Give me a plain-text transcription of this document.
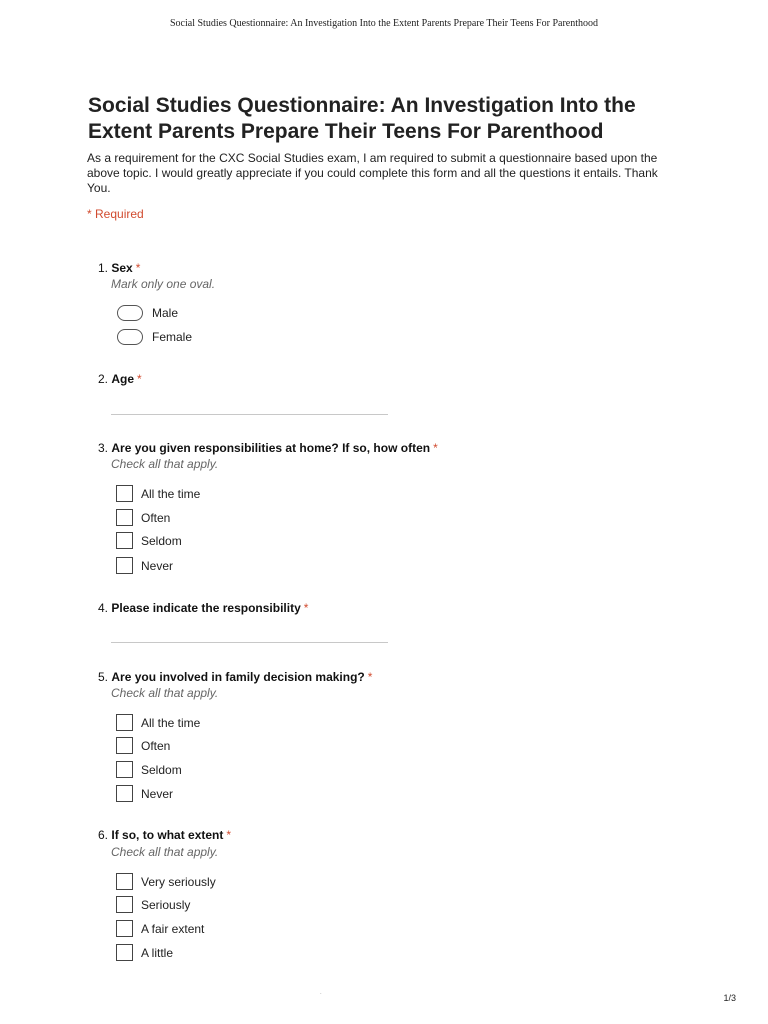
Social Studies Questionnaire: An Investigation Into the Extent Parents Prepare Their Teens For Parenthood
Social Studies Questionnaire: An Investigation Into the Extent Parents Prepare Their Teens For Parenthood

As a requirement for the CXC Social Studies exam, I am required to submit a questionnaire based upon the above topic. I would greatly appreciate if you could complete this form and all the questions it entails. Thank You.

* Required
1. Sex *
Mark only one oval.
Male
Female
2. Age *
3. Are you given responsibilities at home? If so, how often *
Check all that apply.
All the time
Often
Seldom
Never
4. Please indicate the responsibility *
5. Are you involved in family decision making? *
Check all that apply.
All the time
Often
Seldom
Never
6. If so, to what extent *
Check all that apply.
Very seriously
Seriously
A fair extent
A little
.	1/3
